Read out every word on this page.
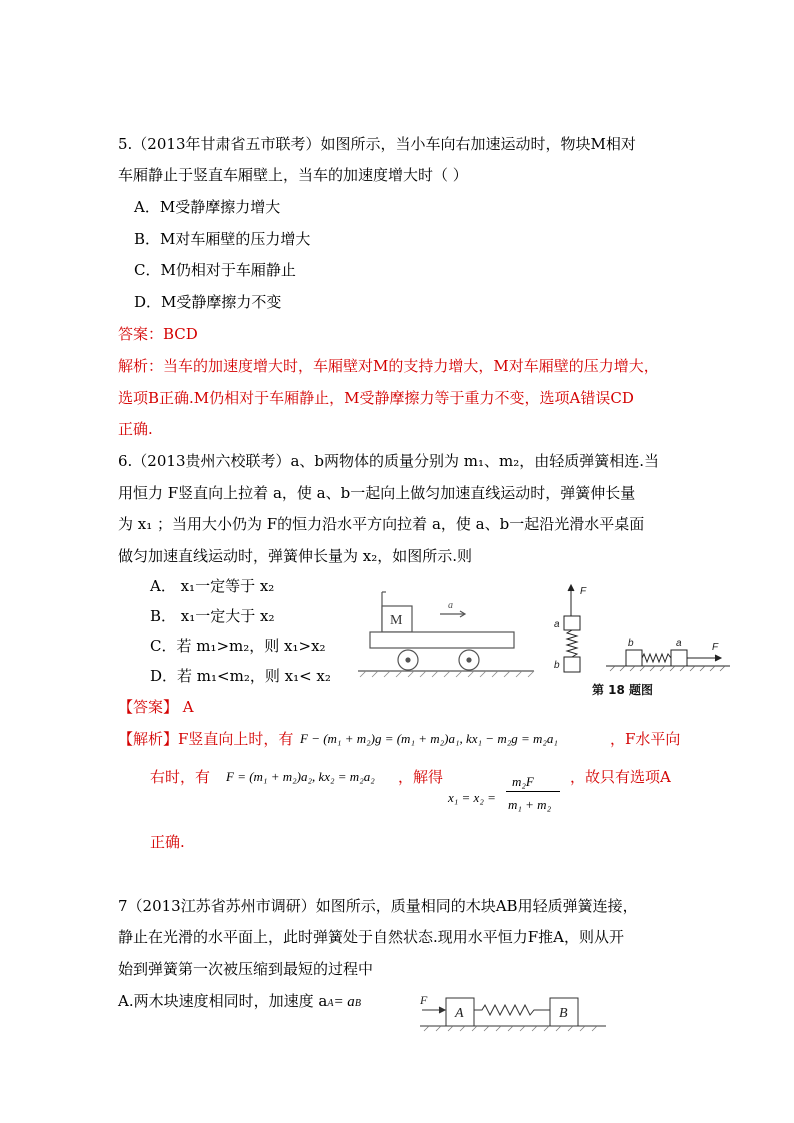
5.（2013年甘肃省五市联考）如图所示，当小车向右加速运动时，物块M相对
车厢静止于竖直车厢壁上，当车的加速度增大时（ ）
A．M受静摩擦力增大
B．M对车厢壁的压力增大
C．M仍相对于车厢静止
D．M受静摩擦力不变
答案：BCD
解析：当车的加速度增大时，车厢壁对M的支持力增大，M对车厢壁的压力增大，
选项B正确.M仍相对于车厢静止，M受静摩擦力等于重力不变，选项A错误CD
正确.
6.（2013贵州六校联考）a、b两物体的质量分别为 m₁、m₂，由轻质弹簧相连.当
用恒力 F竖直向上拉着 a，使 a、b一起向上做匀加速直线运动时，弹簧伸长量
为 x₁ ；当用大小仍为 F的恒力沿水平方向拉着 a，使 a、b一起沿光滑水平桌面
做匀加速直线运动时，弹簧伸长量为 x₂，如图所示.则
A． x₁一定等于 x₂
B． x₁一定大于 x₂
C．若 m₁>m₂，则 x₁>x₂
D．若 m₁<m₂，则 x₁< x₂
M
a
F
a
b
b	a	F
第 18 题图
【答案】 A
【解析】F竖直向上时，有 F − (m₁ + m₂)g = (m₁ + m₂)a₁, kx₁ − m₂g = m₂a₁	，F水平向
右时，有 F = (m₁ + m₂)a₂, kx₂ = m₂a₂ ，解得
x₁ = x₂ =
m₂F
m₁ + m₂
，故只有选项A
正确.
7（2013江苏省苏州市调研）如图所示，质量相同的木块AB用轻质弹簧连接，
静止在光滑的水平面上，此时弹簧处于自然状态.现用水平恒力F推A，则从开
始到弹簧第一次被压缩到最短的过程中
A.两木块速度相同时，加速度 aA= aB	F
A	B
